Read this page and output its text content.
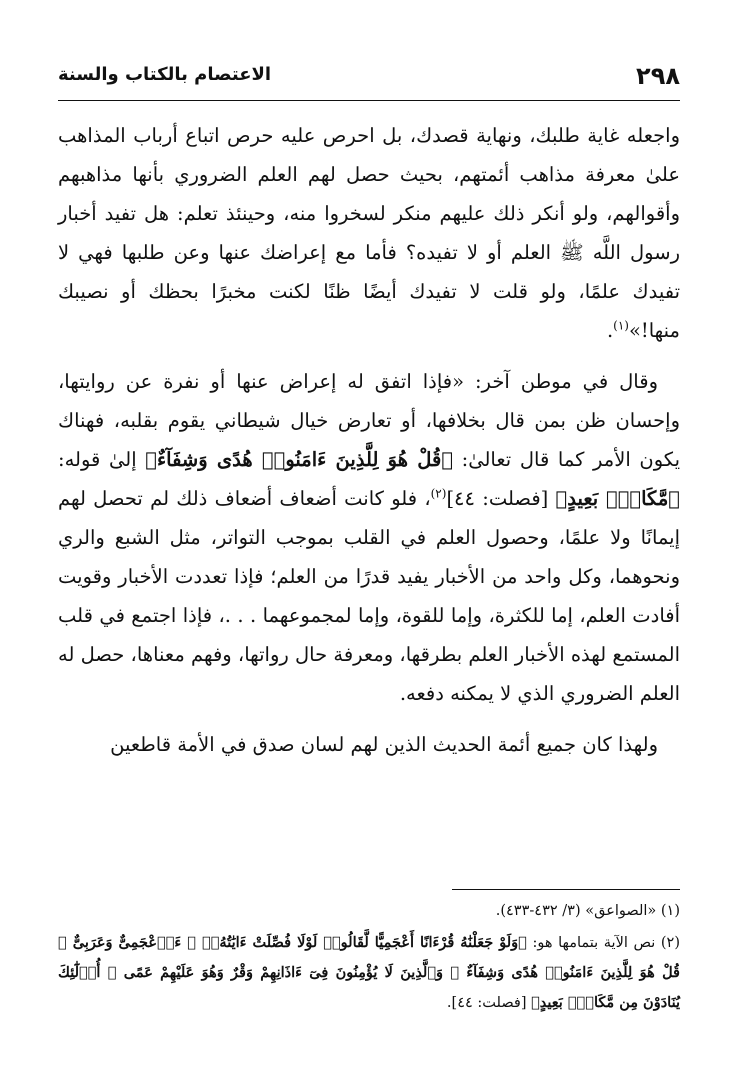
٢٩٨
الاعتصام بالكتاب والسنة

واجعله غاية طلبك، ونهاية قصدك، بل احرص عليه حرص اتباع أرباب المذاهب علىٰ معرفة مذاهب أئمتهم، بحيث حصل لهم العلم الضروري بأنها مذاهبهم وأقوالهم، ولو أنكر ذلك عليهم منكر لسخروا منه، وحينئذ تعلم: هل تفيد أخبار رسول اللَّه ﷺ العلم أو لا تفيده؟ فأما مع إعراضك عنها وعن طلبها فهي لا تفيدك علمًا، ولو قلت لا تفيدك أيضًا ظنًا لكنت مخبرًا بحظك أو نصيبك منها!»$^{(١)}$.

وقال في موطن آخر: «فإذا اتفق له إعراض عنها أو نفرة عن روايتها، وإحسان ظن بمن قال بخلافها، أو تعارض خيال شيطاني يقوم بقلبه، فهناك يكون الأمر كما قال تعالىٰ: ﴿قُلْ هُوَ لِلَّذِينَ ءَامَنُوا۟ هُدًى وَشِفَآءٌ﴾ إلىٰ قوله: ﴿مَّكَانٍۭ بَعِيدٍ﴾ [فصلت: ٤٤]$^{(٢)}$، فلو كانت أضعاف أضعاف ذلك لم تحصل لهم إيمانًا ولا علمًا، وحصول العلم في القلب بموجب التواتر، مثل الشبع والري ونحوهما، وكل واحد من الأخبار يفيد قدرًا من العلم؛ فإذا تعددت الأخبار وقويت أفادت العلم، إما للكثرة، وإما للقوة، وإما لمجموعهما . . .، فإذا اجتمع في قلب المستمع لهذه الأخبار العلم بطرقها، ومعرفة حال رواتها، وفهم معناها، حصل له العلم الضروري الذي لا يمكنه دفعه.

ولهذا كان جميع أئمة الحديث الذين لهم لسان صدق في الأمة قاطعين

(١) «الصواعق» (٣/ ٤٣٢-٤٣٣).

(٢) نص الآية بتمامها هو: ﴿وَلَوْ جَعَلْنَٰهُ قُرْءَانًا أَعْجَمِيًّا لَّقَالُوا۟ لَوْلَا فُصِّلَتْ ءَايَٰتُهُۥٓ ۖ ءَا۬عْجَمِىٌّ وَعَرَبِىٌّ ۗ قُلْ هُوَ لِلَّذِينَ ءَامَنُوا۟ هُدًى وَشِفَآءٌ ۖ وَٱلَّذِينَ لَا يُؤْمِنُونَ فِىٓ ءَاذَانِهِمْ وَقْرٌ وَهُوَ عَلَيْهِمْ عَمًى ۚ أُو۟لَٰٓئِكَ يُنَادَوْنَ مِن مَّكَانٍۭ بَعِيدٍ﴾ [فصلت: ٤٤].
